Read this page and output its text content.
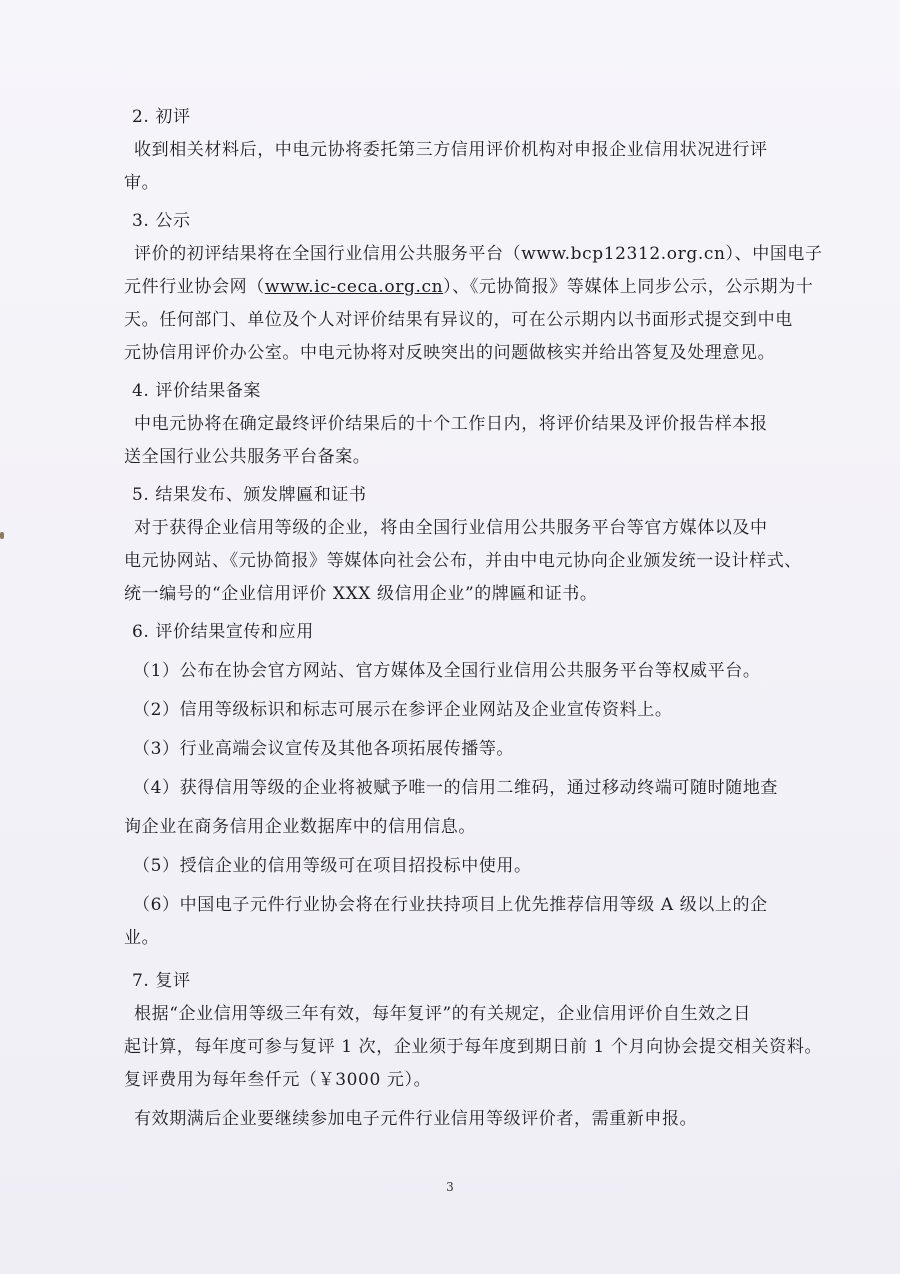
2. 初评
收到相关材料后，中电元协将委托第三方信用评价机构对申报企业信用状况进行评
审。
3. 公示
评价的初评结果将在全国行业信用公共服务平台（www.bcp12312.org.cn）、中国电子
元件行业协会网（www.ic-ceca.org.cn）、《元协简报》等媒体上同步公示，公示期为十
天。任何部门、单位及个人对评价结果有异议的，可在公示期内以书面形式提交到中电
元协信用评价办公室。中电元协将对反映突出的问题做核实并给出答复及处理意见。
4. 评价结果备案
中电元协将在确定最终评价结果后的十个工作日内，将评价结果及评价报告样本报
送全国行业公共服务平台备案。
5. 结果发布、颁发牌匾和证书
对于获得企业信用等级的企业，将由全国行业信用公共服务平台等官方媒体以及中
电元协网站、《元协简报》等媒体向社会公布，并由中电元协向企业颁发统一设计样式、
统一编号的“企业信用评价 XXX 级信用企业”的牌匾和证书。
6. 评价结果宣传和应用
（1）公布在协会官方网站、官方媒体及全国行业信用公共服务平台等权威平台。
（2）信用等级标识和标志可展示在参评企业网站及企业宣传资料上。
（3）行业高端会议宣传及其他各项拓展传播等。
（4）获得信用等级的企业将被赋予唯一的信用二维码，通过移动终端可随时随地查
询企业在商务信用企业数据库中的信用信息。
（5）授信企业的信用等级可在项目招投标中使用。
（6）中国电子元件行业协会将在行业扶持项目上优先推荐信用等级 A 级以上的企
业。
7. 复评
根据“企业信用等级三年有效，每年复评”的有关规定，企业信用评价自生效之日
起计算，每年度可参与复评 1 次，企业须于每年度到期日前 1 个月向协会提交相关资料。
复评费用为每年叁仟元（￥3000 元）。
有效期满后企业要继续参加电子元件行业信用等级评价者，需重新申报。
3
